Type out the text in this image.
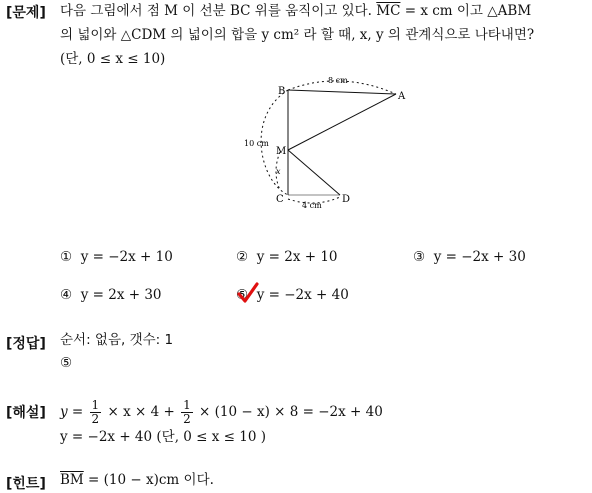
[문제] 다음 그림에서 점 M 이 선분 BC 위를 움직이고 있다. $\overline{MC} = x$ cm 이고 △ABM
의 넓이와 △CDM 의 넓이의 합을 y cm² 라 할 때, x, y 의 관계식으로 나타내면?
(단, 0 ≤ x ≤ 10)
B	A
M
C	D
8 cm
10 cm
4 cm
x
① y = −2x + 10	② y = 2x + 10	③ y = −2x + 30
④ y = 2x + 30	⑤ y = −2x + 40
[정답] 순서: 없음, 갯수: 1
⑤
[해설] $y = \frac{1}{2} \times x \times 4 + \frac{1}{2} \times (10 - x) \times 8 = -2x + 40$
y = −2x + 40 (단, 0 ≤ x ≤ 10 )
[힌트] $\overline{BM} = (10 - x)cm$ 이다.
